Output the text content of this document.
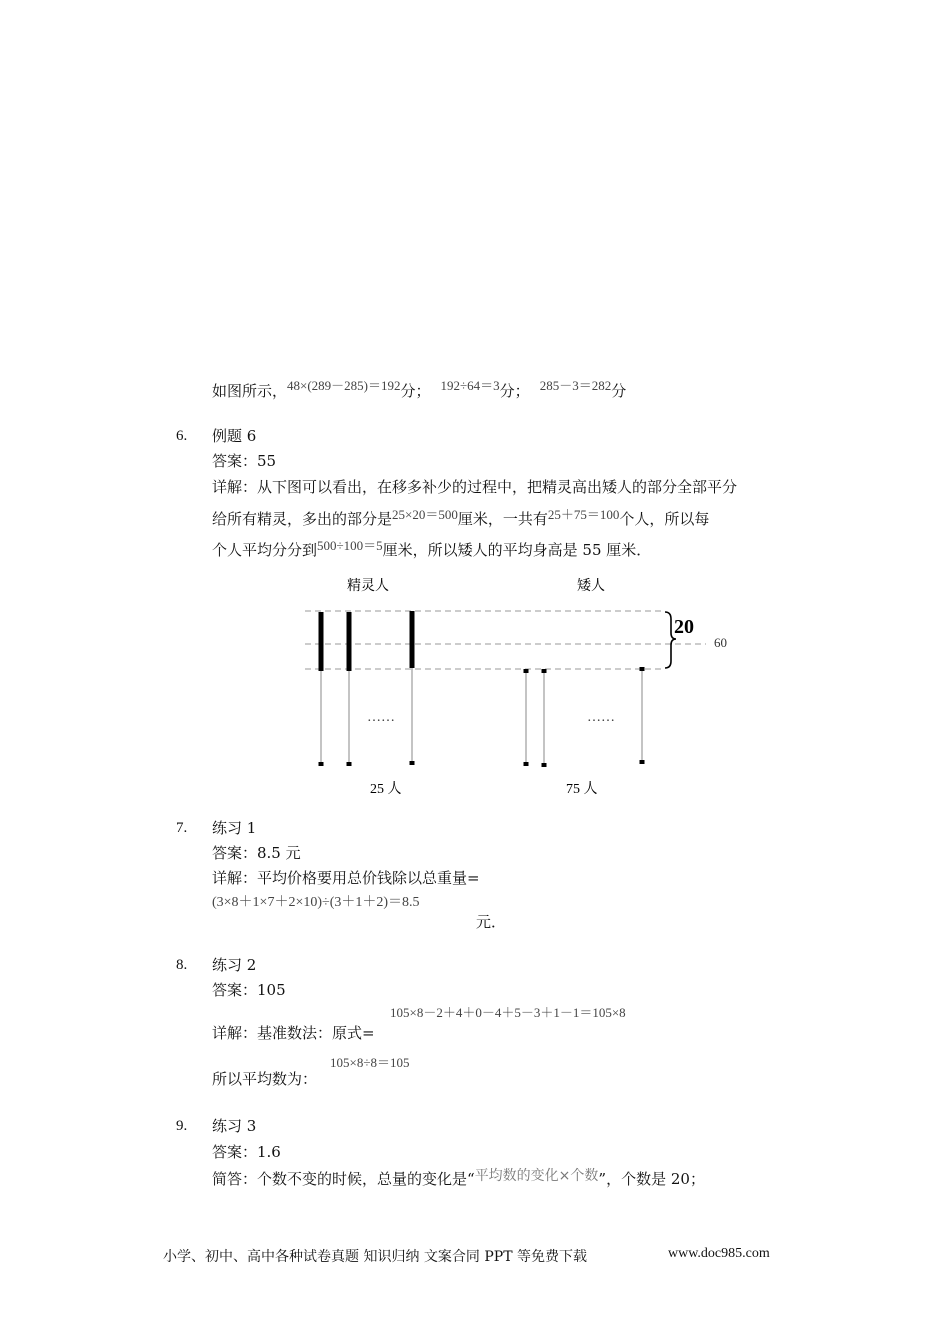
如图所示，48×(289－285)＝192分； 192÷64＝3分； 285－3＝282分
6. 例题 6
答案：55
详解：从下图可以看出，在移多补少的过程中，把精灵高出矮人的部分全部平分
给所有精灵，多出的部分是25×20＝500厘米，一共有25＋75＝100个人，所以每
个人平均分分到500÷100＝5厘米，所以矮人的平均身高是 55 厘米．
精灵人	矮人
20
60
……	……
25 人	75 人
7. 练习 1
答案：8.5 元
详解：平均价格要用总价钱除以总重量=
(3×8＋1×7＋2×10)÷(3＋1＋2)＝8.5
元．
8. 练习 2
答案：105
105×8－2＋4＋0－4＋5－3＋1－1＝105×8
详解：基准数法：原式=
105×8÷8＝105
所以平均数为：
9. 练习 3
答案：1.6
简答：个数不变的时候，总量的变化是“平均数的变化×个数”，个数是 20；
小学、初中、高中各种试卷真题 知识归纳 文案合同 PPT 等免费下载	www.doc985.com
